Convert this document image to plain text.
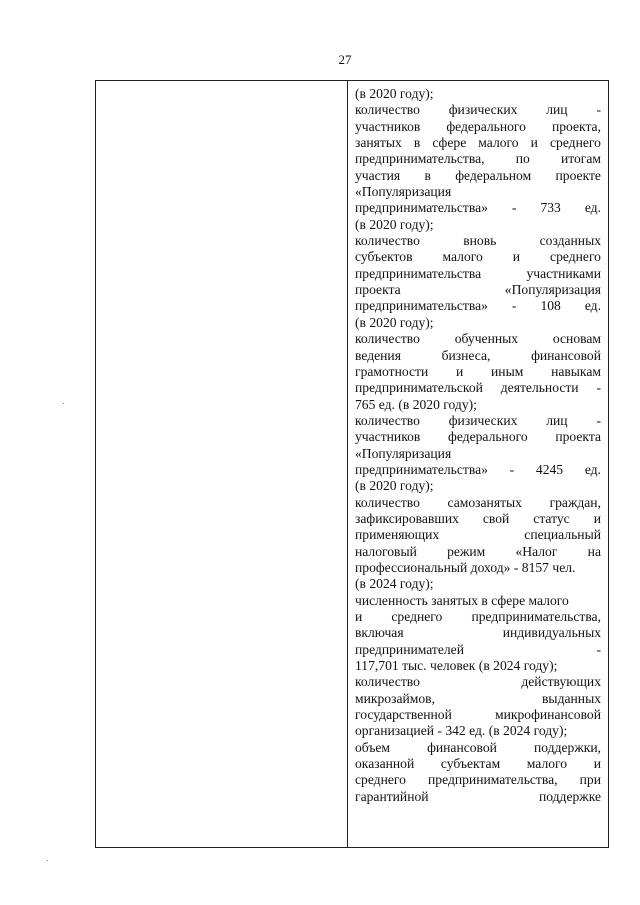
27
(в 2020 году);
количество физических лиц -
участников федерального проекта,
занятых в сфере малого и среднего
предпринимательства, по итогам
участия в федеральном проекте
«Популяризация
предпринимательства» - 733 ед.
(в 2020 году);
количество	вновь	созданных
субъектов малого и среднего
предпринимательства	участниками
проекта	«Популяризация
предпринимательства» - 108 ед.
(в 2020 году);
количество	обученных	основам
ведения	бизнеса,	финансовой
грамотности и иным навыкам
предпринимательской деятельности -
765 ед. (в 2020 году);
количество физических лиц -
участников федерального проекта
«Популяризация
предпринимательства» - 4245 ед.
(в 2020 году);
количество самозанятых граждан,
зафиксировавших свой статус и
применяющих	специальный
налоговый режим «Налог на
профессиональный доход» - 8157 чел.
(в 2024 году);
численность занятых в сфере малого
и среднего предпринимательства,
включая	индивидуальных
предпринимателей	-
117,701 тыс. человек (в 2024 году);
количество	действующих
микрозаймов,	выданных
государственной	микрофинансовой
организацией - 342 ед. (в 2024 году);
объем	финансовой	поддержки,
оказанной субъектам малого и
среднего предпринимательства, при
гарантийной	поддержке
